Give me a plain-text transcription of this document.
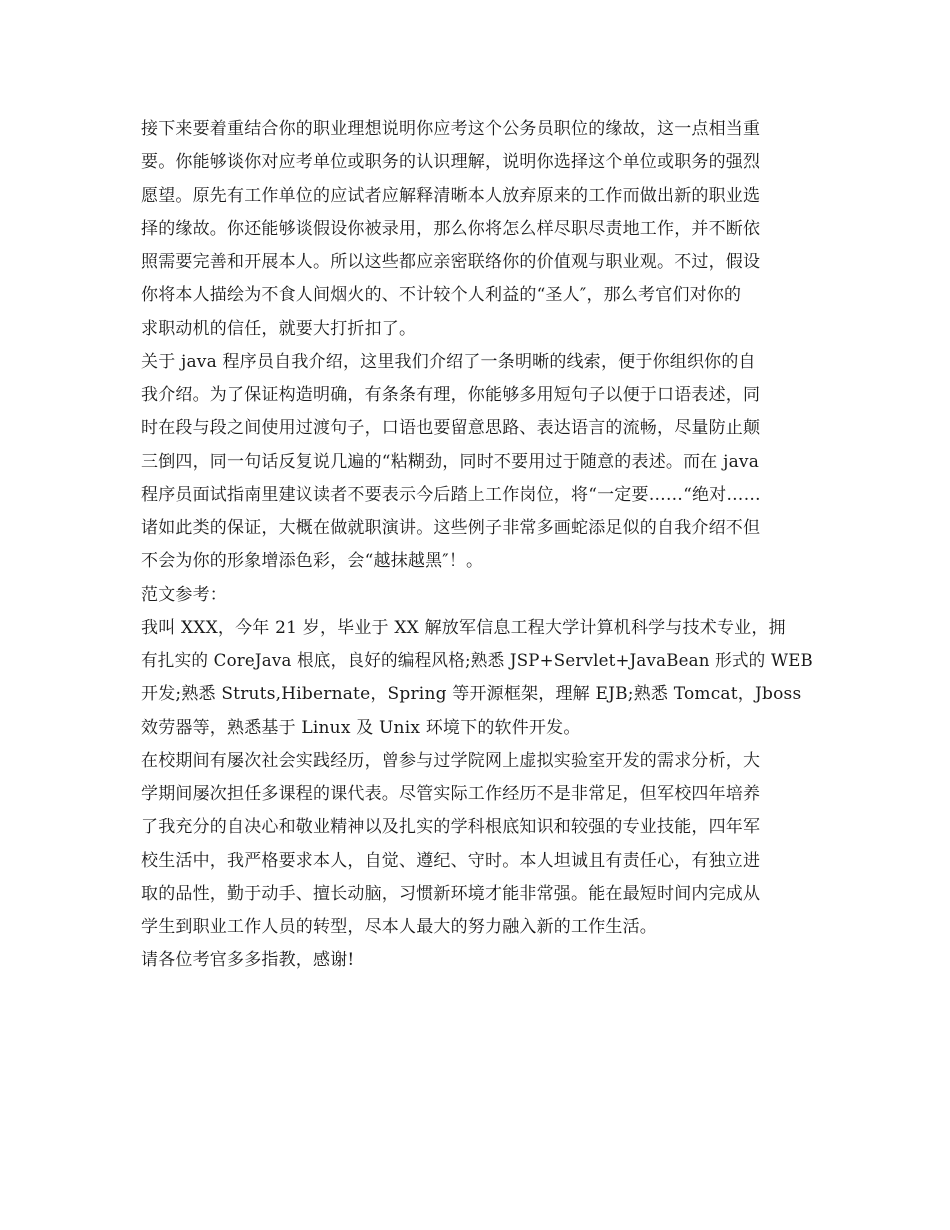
接下来要着重结合你的职业理想说明你应考这个公务员职位的缘故，这一点相当重
要。你能够谈你对应考单位或职务的认识理解，说明你选择这个单位或职务的强烈
愿望。原先有工作单位的应试者应解释清晰本人放弃原来的工作而做出新的职业选
择的缘故。你还能够谈假设你被录用，那么你将怎么样尽职尽责地工作，并不断依
照需要完善和开展本人。所以这些都应亲密联络你的价值观与职业观。不过，假设
你将本人描绘为不食人间烟火的、不计较个人利益的“圣人″，那么考官们对你的
求职动机的信任，就要大打折扣了。
关于 java 程序员自我介绍，这里我们介绍了一条明晰的线索，便于你组织你的自
我介绍。为了保证构造明确，有条条有理，你能够多用短句子以便于口语表述，同
时在段与段之间使用过渡句子，口语也要留意思路、表达语言的流畅，尽量防止颠
三倒四，同一句话反复说几遍的“粘糊劲，同时不要用过于随意的表述。而在 java
程序员面试指南里建议读者不要表示今后踏上工作岗位，将“一定要……“绝对……
诸如此类的保证，大概在做就职演讲。这些例子非常多画蛇添足似的自我介绍不但
不会为你的形象增添色彩，会“越抹越黑″！。
范文参考：
我叫 XXX，今年 21 岁，毕业于 XX 解放军信息工程大学计算机科学与技术专业，拥
有扎实的 CoreJava 根底，良好的编程风格;熟悉 JSP+Servlet+JavaBean 形式的 WEB
开发;熟悉 Struts,Hibernate，Spring 等开源框架，理解 EJB;熟悉 Tomcat，Jboss
效劳器等，熟悉基于 Linux 及 Unix 环境下的软件开发。
在校期间有屡次社会实践经历，曾参与过学院网上虚拟实验室开发的需求分析，大
学期间屡次担任多课程的课代表。尽管实际工作经历不是非常足，但军校四年培养
了我充分的自决心和敬业精神以及扎实的学科根底知识和较强的专业技能，四年军
校生活中，我严格要求本人，自觉、遵纪、守时。本人坦诚且有责任心，有独立进
取的品性，勤于动手、擅长动脑，习惯新环境才能非常强。能在最短时间内完成从
学生到职业工作人员的转型，尽本人最大的努力融入新的工作生活。
请各位考官多多指教，感谢!
